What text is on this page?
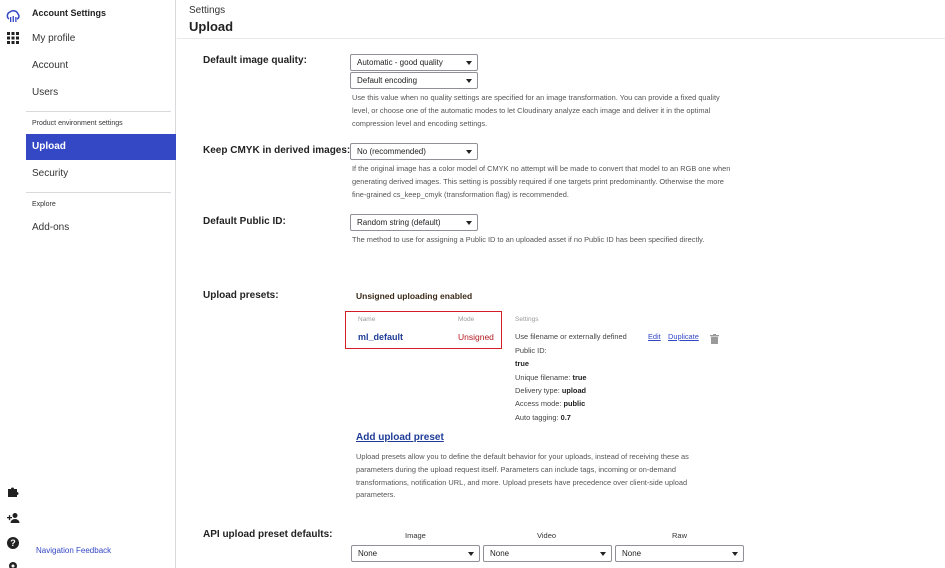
?
Account Settings
My profile
Account
Users
Product environment settings
Upload
Security
Explore
Add-ons
Navigation Feedback
Settings
Upload
Default image quality:	Automatic - good quality
Default encoding
Use this value when no quality settings are specified for an image transformation. You can provide a fixed quality level, or choose one of the automatic modes to let Cloudinary analyze each image and deliver it in the optimal compression level and encoding settings.
Keep CMYK in derived images: No (recommended)
If the original image has a color model of CMYK no attempt will be made to convert that model to an RGB one when generating derived images. This setting is possibly required if one targets print predominantly. Otherwise the more fine-grained cs_keep_cmyk (transformation flag) is recommended.
Default Public ID:	Random string (default)
The method to use for assigning a Public ID to an uploaded asset if no Public ID has been specified directly.
Upload presets:	Unsigned uploading enabled
Name	Mode	Settings
ml_default	Unsigned	Use filename or externally defined	Edit Duplicate
Public ID:
true
Unique filename: true
Delivery type: upload
Access mode: public
Auto tagging: 0.7
Add upload preset
Upload presets allow you to define the default behavior for your uploads, instead of receiving these as parameters during the upload request itself. Parameters can include tags, incoming or on-demand transformations, notification URL, and more. Upload presets have precedence over client-side upload parameters.
API upload preset defaults:	Image	Video	Raw
None	None	None
